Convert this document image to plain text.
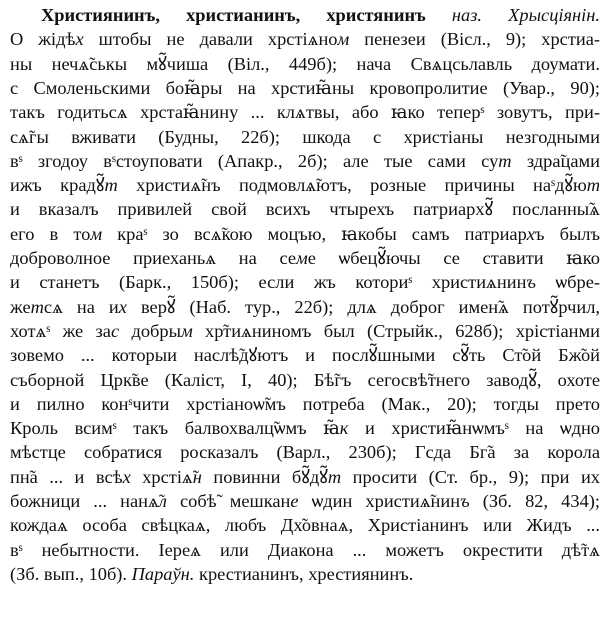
Християнинъ, христианинъ, христянинъ наз. Хрысціянін.
О жідѣх штобы не давали хрстіѧном пенезеи (Вісл., 9); хрстиа-
ны нечѧ̃ськы мꙋ̃чиша (Віл., 449б); нача Свѧцсьлавль доумати.
с Смоленьскими боꙗ̃ры на хрстиꙗ̃ны кровопролитие (Увар., 90);
такъ годитьсѧ хрстаꙗ̃нину ... клѧтвы, або ꙗко теперˢ зовутъ, при-
сѧ̃гы вживати (Будны, 22б); шкода с христіаны незгодными
вˢ згодоу вˢстоуповати (Апакр., 2б); але тые сами сут здра̃цами
ижъ крадꙋ̃т христиѧ̃нъ подмовлѧ̃ютъ, розные причины наˢдꙋ̃ют
и вказалъ привилей свой всихъ чтырехъ патриархꙋ̃ посланны̃ѧ
его в том краˢ зо всѧ̃кою моцъю, ꙗкобы самъ патриархъ былъ
доброволное приеханьѧ на семе ѡбецꙋ̃ючы се ставити ꙗко
и станетъ (Барк., 150б); если жъ коториˢ христиѧнинъ ѡбре-
жетсѧ на их верꙋ̃ (Наб. тур., 22б); длѧ доброг имен̃ѧ потꙋ̃рчил,
хотѧˢ же зас добрым хр̃тиѧниномъ был (Стрыйк., 628б); хрістіанми
зовемо ... которыи наслѣ̃дꙋютъ и послꙋ̃шными сꙋ̃ть Ст̃ой Бж̃ой
съборной Црк̃ве (Каліст, І, 40); Бѣ̃гъ сегосвѣ̃тнего заводꙋ̃, охоте
и пилно конˢчити хрстіаноѡ̃мъ потреба (Мак., 20); тогды прето
Кроль всимˢ такъ балвохвалц̃ѡмъ ꙗ̃к и христиꙗ̃нѡмъˢ на ѡдно
мѣстце собратися росказалъ (Варл., 230б); Гсда Бг̃а за корола
пн̃а ... и всѣх хрстіѧ̃н повинни бꙋ̃дꙋ̃т просити (Ст. бр., 9); при их
божници ... нанѧ̃л собѣ̃ мешкане ѡдин христиѧ̃нинъ (Зб. 82, 434);
кождаѧ особа свѣцкаѧ, любъ Дх̃овнаѧ, Христіанинъ или Жидъ ...
вˢ небытности. Іереѧ или Диакона ... можетъ окрестити дѣ̃тѧ
(Зб. вып., 10б). Параўн. крестианинъ, хрестиянинъ.
